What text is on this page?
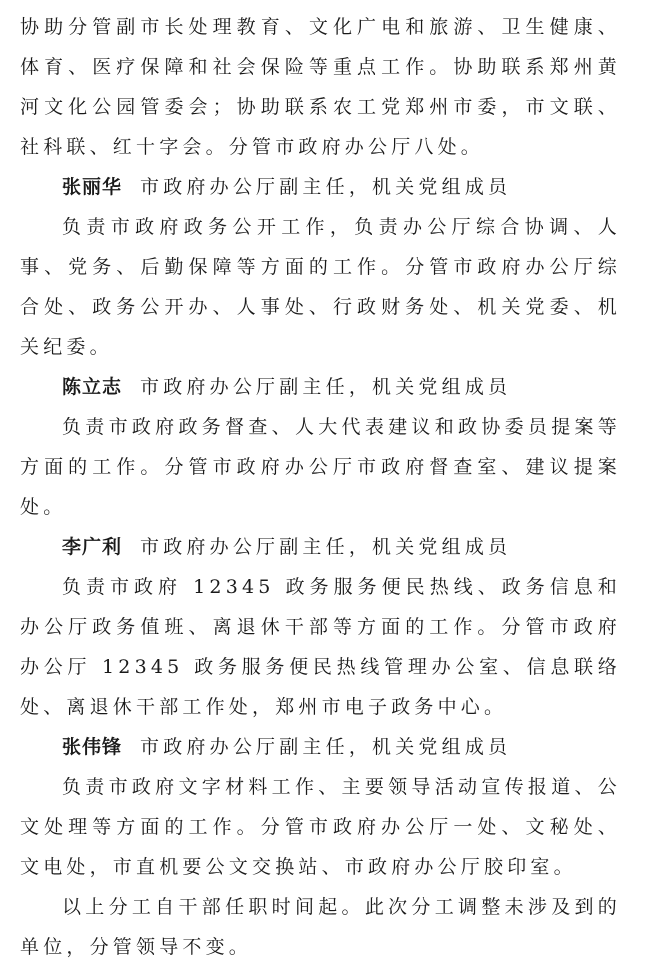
协助分管副市长处理教育、文化广电和旅游、卫生健康、体育、医疗保障和社会保险等重点工作。协助联系郑州黄河文化公园管委会；协助联系农工党郑州市委，市文联、社科联、红十字会。分管市政府办公厅八处。

张丽华 市政府办公厅副主任，机关党组成员

负责市政府政务公开工作，负责办公厅综合协调、人事、党务、后勤保障等方面的工作。分管市政府办公厅综合处、政务公开办、人事处、行政财务处、机关党委、机关纪委。

陈立志 市政府办公厅副主任，机关党组成员

负责市政府政务督查、人大代表建议和政协委员提案等方面的工作。分管市政府办公厅市政府督查室、建议提案处。

李广利 市政府办公厅副主任，机关党组成员

负责市政府 12345 政务服务便民热线、政务信息和办公厅政务值班、离退休干部等方面的工作。分管市政府办公厅 12345 政务服务便民热线管理办公室、信息联络处、离退休干部工作处，郑州市电子政务中心。

张伟锋 市政府办公厅副主任，机关党组成员

负责市政府文字材料工作、主要领导活动宣传报道、公文处理等方面的工作。分管市政府办公厅一处、文秘处、文电处，市直机要公文交换站、市政府办公厅胶印室。

以上分工自干部任职时间起。此次分工调整未涉及到的单位，分管领导不变。
